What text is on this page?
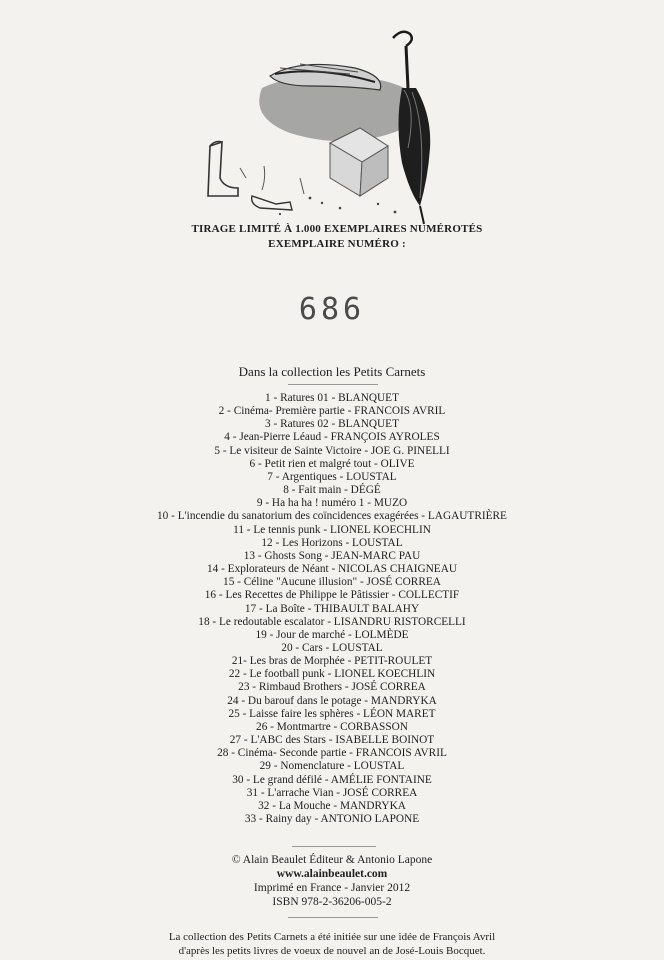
TIRAGE LIMITÉ À 1.000 EXEMPLAIRES NUMÉROTÉS
EXEMPLAIRE NUMÉRO :
686
Dans la collection les Petits Carnets
1 - Ratures 01 - BLANQUET
2 - Cinéma- Première partie - FRANCOIS AVRIL
3 - Ratures 02 - BLANQUET
4 - Jean-Pierre Léaud - FRANÇOIS AYROLES
5 - Le visiteur de Sainte Victoire - JOE G. PINELLI
6 - Petit rien et malgré tout - OLIVE
7 - Argentiques - LOUSTAL
8 - Fait main - DÉGÉ
9 - Ha ha ha ! numéro 1 - MUZO
10 - L'incendie du sanatorium des coïncidences exagérées - LAGAUTRIÈRE
11 - Le tennis punk - LIONEL KOECHLIN
12 - Les Horizons - LOUSTAL
13 - Ghosts Song - JEAN-MARC PAU
14 - Explorateurs de Néant - NICOLAS CHAIGNEAU
15 - Céline "Aucune illusion" - JOSÉ CORREA
16 - Les Recettes de Philippe le Pâtissier - COLLECTIF
17 - La Boîte - THIBAULT BALAHY
18 - Le redoutable escalator - LISANDRU RISTORCELLI
19 - Jour de marché - LOLMÈDE
20 - Cars - LOUSTAL
21- Les bras de Morphée - PETIT-ROULET
22 - Le football punk - LIONEL KOECHLIN
23 - Rimbaud Brothers - JOSÉ CORREA
24 - Du barouf dans le potage - MANDRYKA
25 - Laisse faire les sphères - LÉON MARET
26 - Montmartre - CORBASSON
27 - L'ABC des Stars - ISABELLE BOINOT
28 - Cinéma- Seconde partie - FRANCOIS AVRIL
29 - Nomenclature - LOUSTAL
30 - Le grand défilé - AMÉLIE FONTAINE
31 - L'arrache Vian - JOSÉ CORREA
32 - La Mouche - MANDRYKA
33 - Rainy day - ANTONIO LAPONE
© Alain Beaulet Éditeur & Antonio Lapone
www.alainbeaulet.com
Imprimé en France - Janvier 2012
ISBN 978-2-36206-005-2
La collection des Petits Carnets a été initiée sur une idée de François Avril
d'après les petits livres de voeux de nouvel an de José-Louis Bocquet.
